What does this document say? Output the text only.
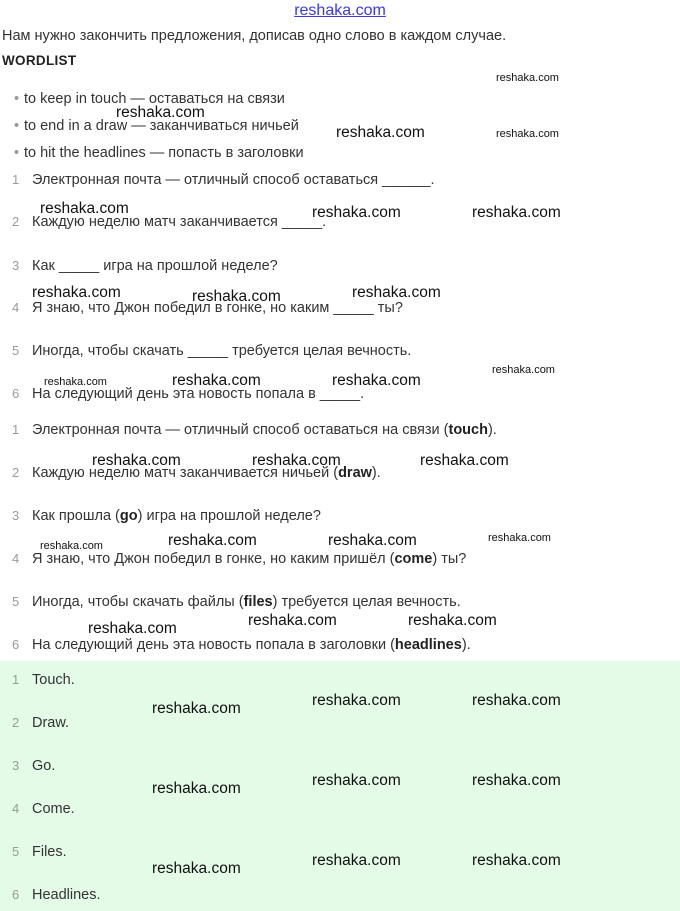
reshaka.com
Нам нужно закончить предложения, дописав одно слово в каждом случае.
WORDLIST
• to keep in touch — оставаться на связи
• to end in a draw — заканчиваться ничьей
• to hit the headlines — попасть в заголовки
1 Электронная почта — отличный способ оставаться ______.
2 Каждую неделю матч заканчивается _____.
3 Как _____ игра на прошлой неделе?
4 Я знаю, что Джон победил в гонке, но каким _____ ты?
5 Иногда, чтобы скачать _____ требуется целая вечность.
6 На следующий день эта новость попала в _____.
1 Электронная почта — отличный способ оставаться на связи (touch).
2 Каждую неделю матч заканчивается ничьей (draw).
3 Как прошла (go) игра на прошлой неделе?
4 Я знаю, что Джон победил в гонке, но каким пришёл (come) ты?
5 Иногда, чтобы скачать файлы (files) требуется целая вечность.
6 На следующий день эта новость попала в заголовки (headlines).
1 Touch.
2 Draw.
3 Go.
4 Come.
5 Files.
6 Headlines.
reshaka.com
reshaka.com
reshaka.com	reshaka.com
reshaka.com	reshaka.com	reshaka.com
reshaka.com	reshaka.com	reshaka.com
reshaka.com
reshaka.com	reshaka.com	reshaka.com
reshaka.com	reshaka.com	reshaka.com
reshaka.com	reshaka.com	reshaka.com
reshaka.com
reshaka.com	reshaka.com
reshaka.com
reshaka.com	reshaka.com
reshaka.com
reshaka.com	reshaka.com
reshaka.com
reshaka.com	reshaka.com
reshaka.com
